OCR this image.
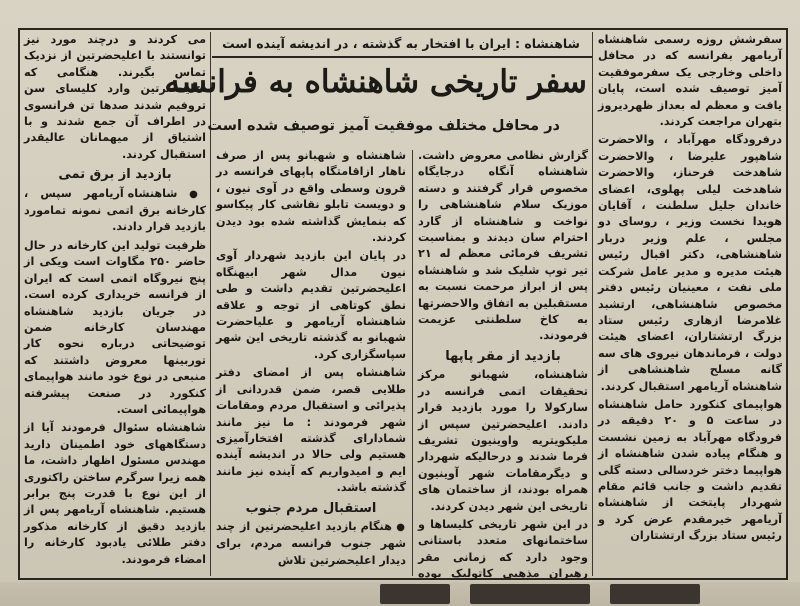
شاهنشاه : ایران با افتخار به گذشته ، در اندیشه آینده است
سفر تاریخی شاهنشاه به فرانسه
در محافل مختلف موفقیت آمیز توصیف شده است

سفرشش روزه رسمی شاهنشاه آریامهر بفرانسه که در محافل داخلی وخارجی یک سفرموفقیت آمیز توصیف شده است، پایان یافت و معظم له بعداز ظهردیروز بتهران مراجعت کردند.

درفرودگاه مهرآباد ، والاحضرت شاهپور علیرضا ، والاحضرت شاهدخت فرحناز، والاحضرت شاهدخت لیلی پهلوی، اعضای خاندان جلیل سلطنت ، آقایان هویدا نخست وزیر ، روسای دو مجلس ، علم وزیر دربار شاهنشاهی، دکتر اقبال رئیس هیئت مدیره و مدیر عامل شرکت ملی نفت ، معینیان رئیس دفتر مخصوص شاهنشاهی، ارتشبد غلامرضا ازهاری رئیس ستاد بزرگ ارتشتاران، اعضای هیئت دولت ، فرماندهان نیروی های سه گانه مسلح شاهنشاهی از شاهنشاه آریامهر استقبال کردند.

هواپیمای کنکورد حامل شاهنشاه در ساعت ۵ و ۲۰ دقیقه در فرودگاه مهرآباد به زمین نشست و هنگام پیاده شدن شاهنشاه از هواپیما دختر خردسالی دسته گلی تقدیم داشت و جانب قائم مقام شهردار پایتخت از شاهنشاه آریامهر خیرمقدم عرض کرد و رئیس ستاد بزرگ ارتشتاران

گزارش نظامی معروض داشت. شاهنشاه آنگاه درجایگاه مخصوص قرار گرفتند و دسته موزیک سلام شاهنشاهی را نواخت و شاهنشاه از گارد احترام سان دیدند و بمناسبت تشریف فرمائی معظم له ۲۱ تیر توپ شلیک شد و شاهنشاه پس از ابراز مرحمت نسبت به مستقبلین به اتفاق والاحضرتها به کاخ سلطنتی عزیمت فرمودند.

بازدید از مقر پاپها

شاهنشاه، شهبانو مرکز تحقیقات اتمی فرانسه در سارکولا را مورد بازدید قرار دادند. اعلیحضرتین سپس از ملیکویتریه واوینیون تشریف فرما شدند و درحالیکه شهردار و دیگرمقامات شهر آوینیون همراه بودند، از ساختمان های تاریخی این شهر دیدن کردند.

در این شهر تاریخی کلیساها و ساختمانهای متعدد باستانی وجود دارد که زمانی مقر رهبران مذهبی کاتولیک بوده

شاهنشاه و شهبانو پس از صرف ناهار ازاقامتگاه پاپهای فرانسه در قرون وسطی واقع در آوی نیون ، و دویست تابلو نقاشی کار پیکاسو که بنمایش گذاشته شده بود دیدن کردند.

در پایان این بازدید شهردار آوی نیون مدال شهر ابیهنگاه اعلیحضرتین تقدیم داشت و طی نطق کوتاهی از توجه و علاقه شاهنشاه آریامهر و علیاحضرت شهبانو به گذشته تاریخی این شهر سپاسگزاری کرد.

شاهنشاه پس از امضای دفتر طلایی قصر، ضمن قدردانی از پذیرائی و استقبال مردم ومقامات شهر فرمودند : ما نیز مانند شمادارای گذشته افتخارآمیزی هستیم ولی حالا در اندیشه آینده ایم و امیدواریم که آینده نیز مانند گذشته باشد.

استقبال مردم جنوب

● هنگام بازدید اعلیحضرتین از چند شهر جنوب فرانسه مردم، برای دیدار اعلیحضرتین تلاش

می کردند و درچند مورد نیز توانستند با اعلیحضرتین از نزدیک تماس بگیرند. هنگامی که اعلیحضرتین وارد کلیسای سن تروفیم شدند صدها تن فرانسوی در اطراف آن جمع شدند و با اشتیاق از میهمانان عالیقدر استقبال کردند.

بازدید از برق تمی

● شاهنشاه آریامهر سپس ، کارخانه برق اتمی نمونه تمامورد بازدید قرار دادند.

ظرفیت تولید این کارخانه در حال حاضر ۲۵۰ مگاوات است ویکی از پنج نیروگاه اتمی است که ایران از فرانسه خریداری کرده است. در جریان بازدید شاهنشاه مهندسان کارخانه ضمن توضیحاتی درباره نحوه کار توربینها معروض داشتند که منبعی در نوع خود مانند هواپیمای کنکورد در صنعت پیشرفته هواپیمائی است.

شاهنشاه سئوال فرمودند آیا از دستگاههای خود اطمینان دارید مهندس مسئول اظهار داشت، ما همه زیرا سرگرم ساختن راکتوری از این نوع با قدرت پنج برابر هستیم. شاهنشاه آریامهر پس از بازدید دقیق از کارخانه مذکور دفتر طلائی یادبود کارخانه را امضاء فرمودند.
